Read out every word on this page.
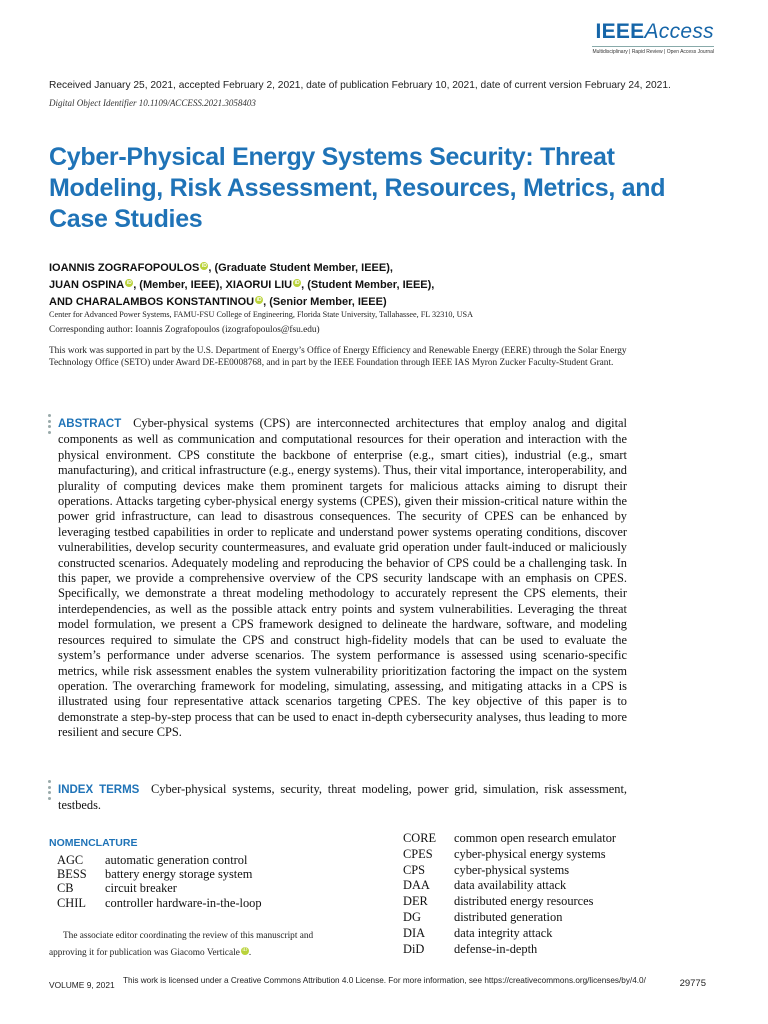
IEEEAccess
Multidisciplinary | Rapid Review | Open Access Journal
Received January 25, 2021, accepted February 2, 2021, date of publication February 10, 2021, date of current version February 24, 2021.
Digital Object Identifier 10.1109/ACCESS.2021.3058403
Cyber-Physical Energy Systems Security: Threat Modeling, Risk Assessment, Resources, Metrics, and Case Studies
IOANNIS ZOGRAFOPOULOS iD , (Graduate Student Member, IEEE),
JUAN OSPINA iD , (Member, IEEE), XIAORUI LIU iD , (Student Member, IEEE),
AND CHARALAMBOS KONSTANTINOU iD , (Senior Member, IEEE)
Center for Advanced Power Systems, FAMU-FSU College of Engineering, Florida State University, Tallahassee, FL 32310, USA
Corresponding author: Ioannis Zografopoulos (izografopoulos@fsu.edu)
This work was supported in part by the U.S. Department of Energy’s Office of Energy Efficiency and Renewable Energy (EERE) through the Solar Energy Technology Office (SETO) under Award DE-EE0008768, and in part by the IEEE Foundation through IEEE IAS Myron Zucker Faculty-Student Grant.
ABSTRACT Cyber-physical systems (CPS) are interconnected architectures that employ analog and digital components as well as communication and computational resources for their operation and interaction with the physical environment. CPS constitute the backbone of enterprise (e.g., smart cities), industrial (e.g., smart manufacturing), and critical infrastructure (e.g., energy systems). Thus, their vital importance, interoperability, and plurality of computing devices make them prominent targets for malicious attacks aiming to disrupt their operations. Attacks targeting cyber-physical energy systems (CPES), given their mission-critical nature within the power grid infrastructure, can lead to disastrous consequences. The security of CPES can be enhanced by leveraging testbed capabilities in order to replicate and understand power systems operating conditions, discover vulnerabilities, develop security countermeasures, and evaluate grid operation under fault-induced or maliciously constructed scenarios. Adequately modeling and reproducing the behavior of CPS could be a challenging task. In this paper, we provide a comprehensive overview of the CPS security landscape with an emphasis on CPES. Specifically, we demonstrate a threat modeling methodology to accurately represent the CPS elements, their interdependencies, as well as the possible attack entry points and system vulnerabilities. Leveraging the threat model formulation, we present a CPS framework designed to delineate the hardware, software, and modeling resources required to simulate the CPS and construct high-fidelity models that can be used to evaluate the system’s performance under adverse scenarios. The system performance is assessed using scenario-specific metrics, while risk assessment enables the system vulnerability prioritization factoring the impact on the system operation. The overarching framework for modeling, simulating, assessing, and mitigating attacks in a CPS is illustrated using four representative attack scenarios targeting CPES. The key objective of this paper is to demonstrate a step-by-step process that can be used to enact in-depth cybersecurity analyses, thus leading to more resilient and secure CPS.
INDEX TERMS Cyber-physical systems, security, threat modeling, power grid, simulation, risk assessment, testbeds.
NOMENCLATURE
AGC automatic generation control
BESS battery energy storage system
CB	circuit breaker
CHIL controller hardware-in-the-loop
CORE common open research emulator
CPES cyber-physical energy systems
CPS cyber-physical systems
DAA data availability attack
DER distributed energy resources
DG	distributed generation
DIA data integrity attack
DiD defense-in-depth
The associate editor coordinating the review of this manuscript and
approving it for publication was Giacomo Verticale iD .
VOLUME 9, 2021 This work is licensed under a Creative Commons Attribution 4.0 License. For more information, see https://creativecommons.org/licenses/by/4.0/	29775
